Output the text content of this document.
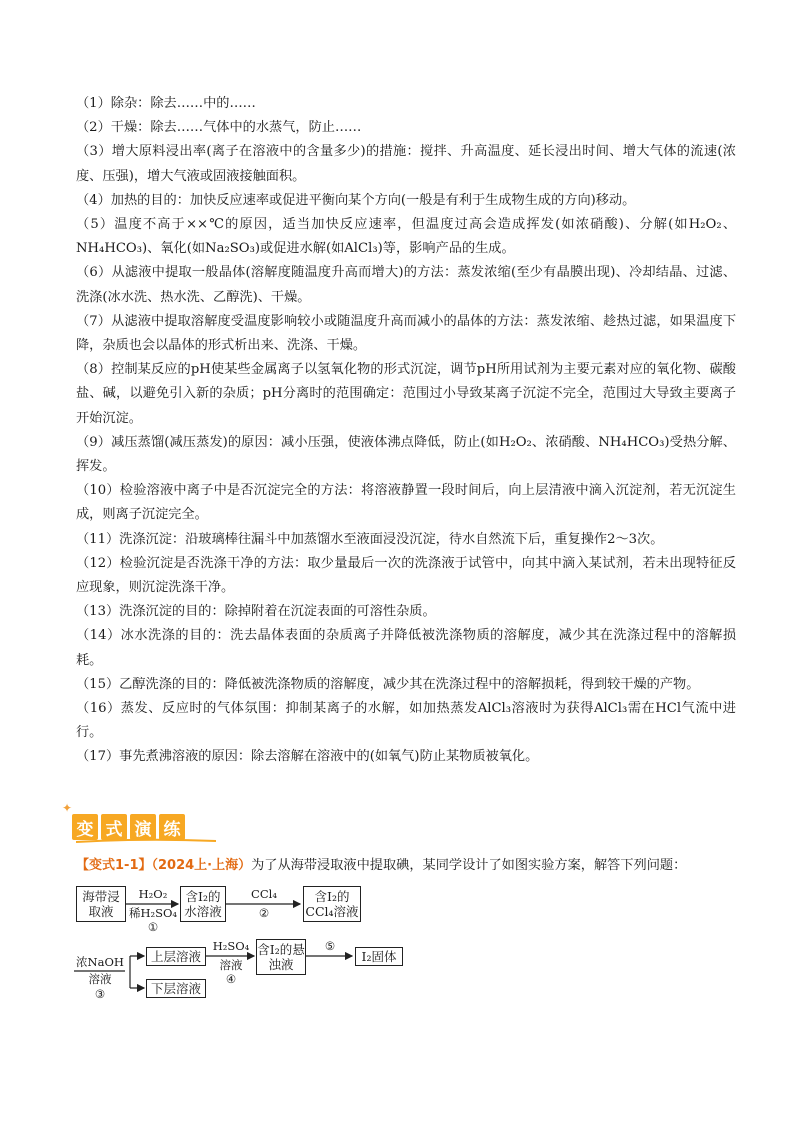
（1）除杂：除去……中的……

（2）干燥：除去……气体中的水蒸气，防止……

（3）增大原料浸出率(离子在溶液中的含量多少)的措施：搅拌、升高温度、延长浸出时间、增大气体的流速(浓度、压强)，增大气液或固液接触面积。

（4）加热的目的：加快反应速率或促进平衡向某个方向(一般是有利于生成物生成的方向)移动。

（5）温度不高于××℃的原因，适当加快反应速率，但温度过高会造成挥发(如浓硝酸)、分解(如H₂O₂、NH₄HCO₃)、氧化(如Na₂SO₃)或促进水解(如AlCl₃)等，影响产品的生成。

（6）从滤液中提取一般晶体(溶解度随温度升高而增大)的方法：蒸发浓缩(至少有晶膜出现)、冷却结晶、过滤、洗涤(冰水洗、热水洗、乙醇洗)、干燥。

（7）从滤液中提取溶解度受温度影响较小或随温度升高而减小的晶体的方法：蒸发浓缩、趁热过滤，如果温度下降，杂质也会以晶体的形式析出来、洗涤、干燥。

（8）控制某反应的pH使某些金属离子以氢氧化物的形式沉淀，调节pH所用试剂为主要元素对应的氧化物、碳酸盐、碱，以避免引入新的杂质；pH分离时的范围确定：范围过小导致某离子沉淀不完全，范围过大导致主要离子开始沉淀。

（9）减压蒸馏(减压蒸发)的原因：减小压强，使液体沸点降低，防止(如H₂O₂、浓硝酸、NH₄HCO₃)受热分解、挥发。

（10）检验溶液中离子中是否沉淀完全的方法：将溶液静置一段时间后，向上层清液中滴入沉淀剂，若无沉淀生成，则离子沉淀完全。

（11）洗涤沉淀：沿玻璃棒往漏斗中加蒸馏水至液面浸没沉淀，待水自然流下后，重复操作2～3次。

（12）检验沉淀是否洗涤干净的方法：取少量最后一次的洗涤液于试管中，向其中滴入某试剂，若未出现特征反应现象，则沉淀洗涤干净。

（13）洗涤沉淀的目的：除掉附着在沉淀表面的可溶性杂质。

（14）冰水洗涤的目的：洗去晶体表面的杂质离子并降低被洗涤物质的溶解度，减少其在洗涤过程中的溶解损耗。

（15）乙醇洗涤的目的：降低被洗涤物质的溶解度，减少其在洗涤过程中的溶解损耗，得到较干燥的产物。

（16）蒸发、反应时的气体氛围：抑制某离子的水解，如加热蒸发AlCl₃溶液时为获得AlCl₃需在HCl气流中进行。

（17）事先煮沸溶液的原因：除去溶解在溶液中的(如氧气)防止某物质被氧化。

✦
变 式 演 练
【变式1-1】（2024上·上海）为了从海带浸取液中提取碘，某同学设计了如图实验方案，解答下列问题：
海带浸取液
H₂O₂
稀H₂SO₄
①
含I₂的水溶液
CCl₄
②
含I₂的CCl₄溶液
浓NaOH
溶液
③
上层溶液
下层溶液
H₂SO₄
溶液
④
含I₂的悬浊液
⑤
I₂固体
